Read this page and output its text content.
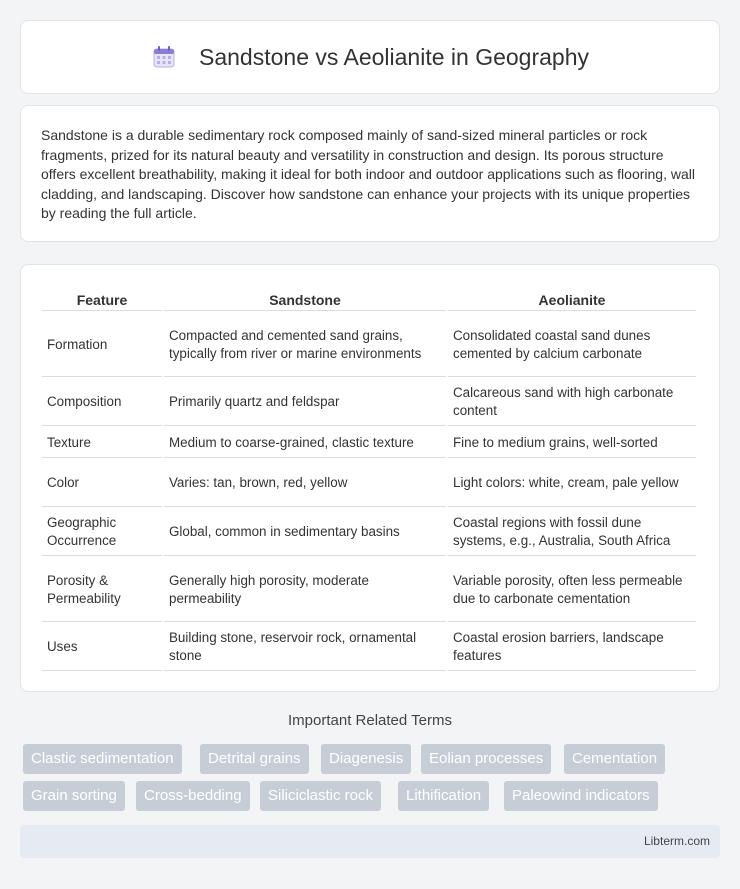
Sandstone vs Aeolianite in Geography

Sandstone is a durable sedimentary rock composed mainly of sand-sized mineral particles or rock fragments, prized for its natural beauty and versatility in construction and design. Its porous structure offers excellent breathability, making it ideal for both indoor and outdoor applications such as flooring, wall cladding, and landscaping. Discover how sandstone can enhance your projects with its unique properties by reading the full article.

Feature	Sandstone	Aeolianite
Formation	Compacted and cemented sand grains, typically from river or marine environments	Consolidated coastal sand dunes cemented by calcium carbonate
Composition	Primarily quartz and feldspar	Calcareous sand with high carbonate content
Texture	Medium to coarse-grained, clastic texture	Fine to medium grains, well-sorted
Color	Varies: tan, brown, red, yellow	Light colors: white, cream, pale yellow
Geographic Occurrence	Global, common in sedimentary basins	Coastal regions with fossil dune systems, e.g., Australia, South Africa
Porosity & Permeability	Generally high porosity, moderate permeability	Variable porosity, often less permeable due to carbonate cementation
Uses	Building stone, reservoir rock, ornamental stone	Coastal erosion barriers, landscape features
Important Related Terms
Clastic sedimentation	Detrital grains	Diagenesis	Eolian processes	Cementation
Grain sorting	Cross-bedding	Siliciclastic rock	Lithification	Paleowind indicators
Libterm.com
